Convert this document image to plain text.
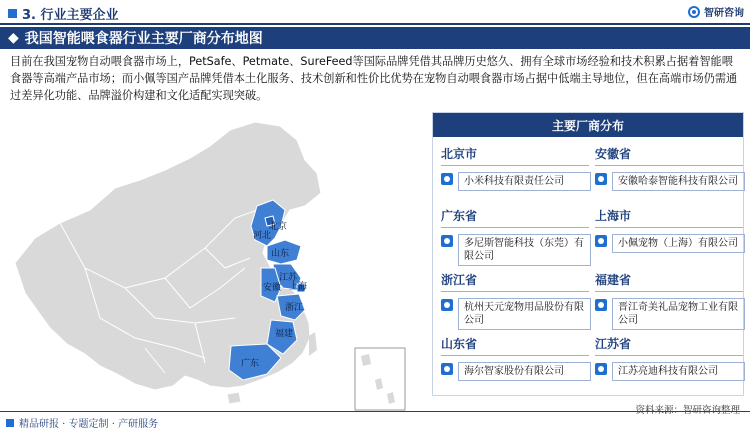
3. 行业主要企业	智研咨询
◆ 我国智能喂食器行业主要厂商分布地图
目前在我国宠物自动喂食器市场上，PetSafe、Petmate、SureFeed等国际品牌凭借其品牌历史悠久、拥有全球市场经验和技术积累占据着智能喂食器等高端产品市场；而小佩等国产品牌凭借本土化服务、技术创新和性价比优势在宠物自动喂食器市场占据中低端主导地位，但在高端市场仍需通过差异化功能、品牌溢价构建和文化适配实现突破。
北京
河北
山东
江苏
安徽 上海
浙江
福建
广东
主要厂商分布
北京市
小米科技有限责任公司
安徽省
安徽哈泰智能科技有限公司
广东省
多尼斯智能科技（东莞）有限公司
上海市
小佩宠物（上海）有限公司
浙江省
杭州天元宠物用品股份有限公司
福建省
晋江奇美礼品宠物工业有限公司
山东省
海尔智家股份有限公司
江苏省
江苏亮迪科技有限公司
精品研报 · 专题定制 · 产研服务
